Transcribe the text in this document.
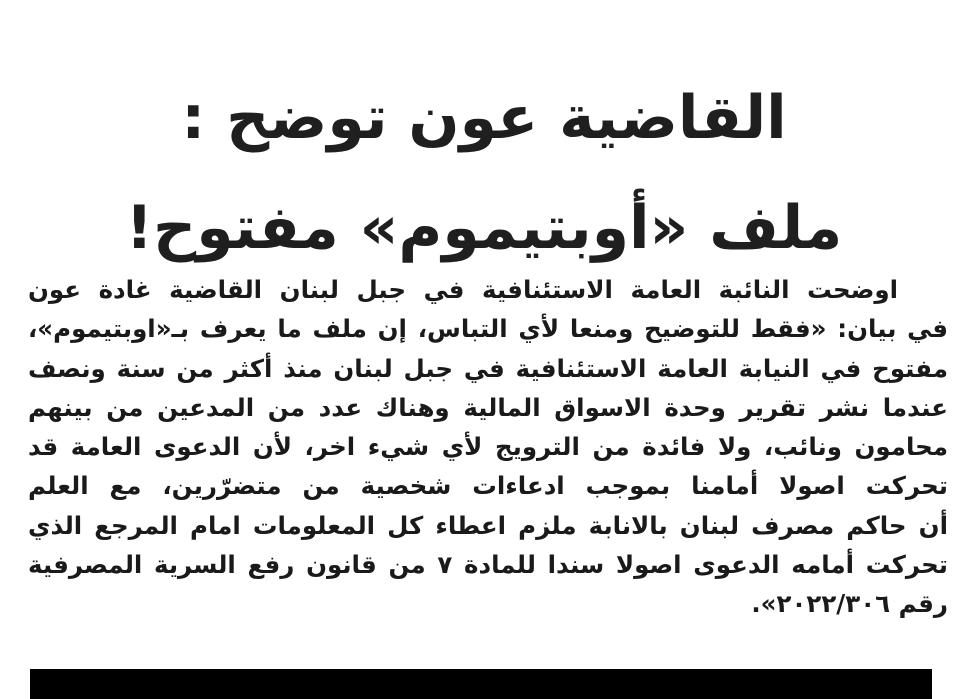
القاضية عون توضح :
ملف «أوبتيموم» مفتوح!
اوضحت النائبة العامة الاستئنافية في جبل لبنان القاضية غادة عون
في بيان: «فقط للتوضيح ومنعا لأي التباس، إن ملف ما يعرف بـ«اوبتيموم»،
مفتوح في النيابة العامة الاستئنافية في جبل لبنان منذ أكثر من سنة ونصف
عندما نشر تقرير وحدة الاسواق المالية وهناك عدد من المدعين من بينهم
محامون ونائب، ولا فائدة من الترويج لأي شيء اخر، لأن الدعوى العامة قد
تحركت اصولا أمامنا بموجب ادعاءات شخصية من متضرّرين، مع العلم
أن حاكم مصرف لبنان بالانابة ملزم اعطاء كل المعلومات امام المرجع الذي
تحركت أمامه الدعوى اصولا سندا للمادة ٧ من قانون رفع السرية المصرفية
رقم ٢٠٢٢/٣٠٦».
